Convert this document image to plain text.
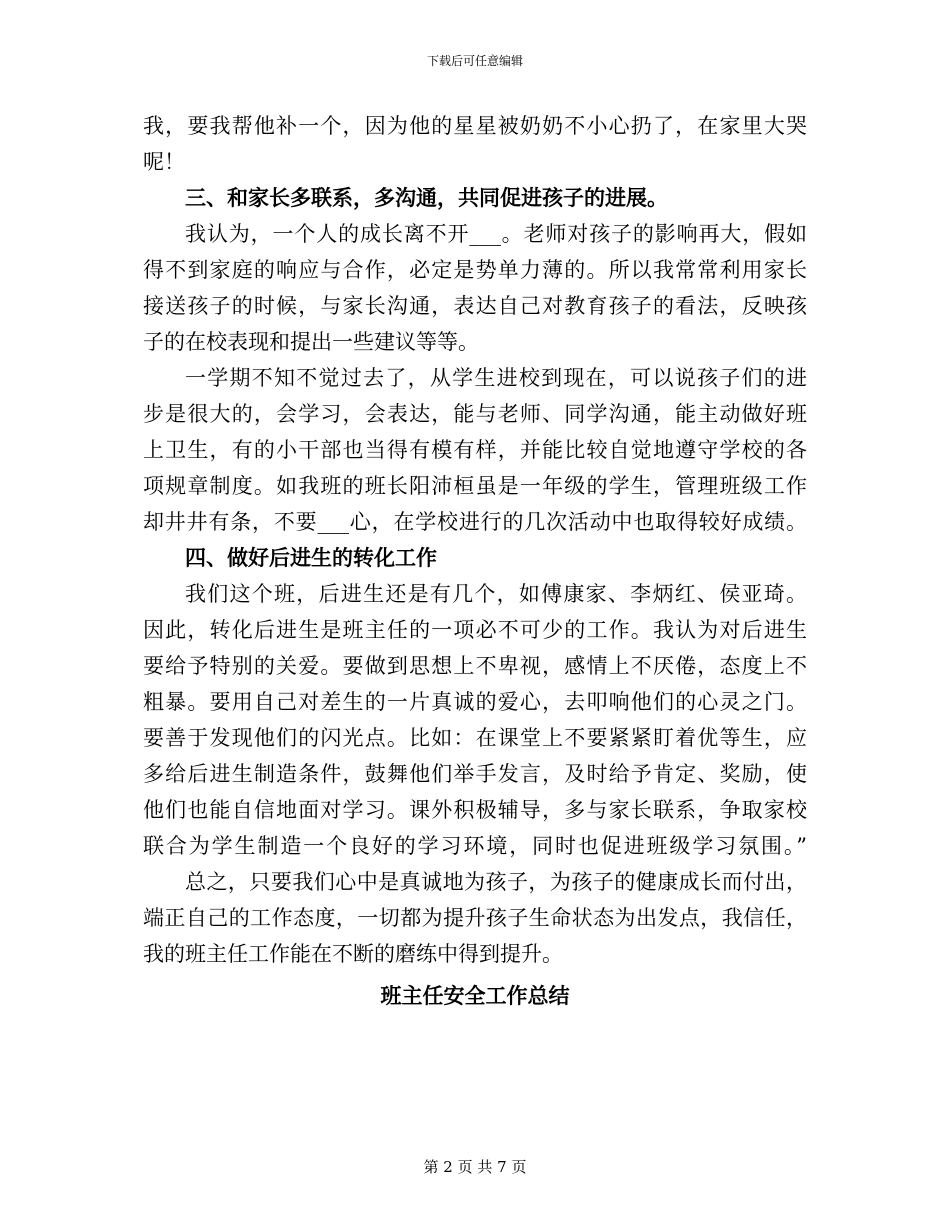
下载后可任意编辑
我，要我帮他补一个，因为他的星星被奶奶不小心扔了，在家里大哭
呢！
三、和家长多联系，多沟通，共同促进孩子的进展。
我认为，一个人的成长离不开___。老师对孩子的影响再大，假如
得不到家庭的响应与合作，必定是势单力薄的。所以我常常利用家长
接送孩子的时候，与家长沟通，表达自己对教育孩子的看法，反映孩
子的在校表现和提出一些建议等等。
一学期不知不觉过去了，从学生进校到现在，可以说孩子们的进
步是很大的，会学习，会表达，能与老师、同学沟通，能主动做好班
上卫生，有的小干部也当得有模有样，并能比较自觉地遵守学校的各
项规章制度。如我班的班长阳沛桓虽是一年级的学生，管理班级工作
却井井有条，不要___心，在学校进行的几次活动中也取得较好成绩。
四、做好后进生的转化工作
我们这个班，后进生还是有几个，如傅康家、李炳红、侯亚琦。
因此，转化后进生是班主任的一项必不可少的工作。我认为对后进生
要给予特别的关爱。要做到思想上不卑视，感情上不厌倦，态度上不
粗暴。要用自己对差生的一片真诚的爱心，去叩响他们的心灵之门。
要善于发现他们的闪光点。比如：在课堂上不要紧紧盯着优等生，应
多给后进生制造条件，鼓舞他们举手发言，及时给予肯定、奖励，使
他们也能自信地面对学习。课外积极辅导，多与家长联系，争取家校
联合为学生制造一个良好的学习环境，同时也促进班级学习氛围。”
总之，只要我们心中是真诚地为孩子，为孩子的健康成长而付出，
端正自己的工作态度，一切都为提升孩子生命状态为出发点，我信任，
我的班主任工作能在不断的磨练中得到提升。
班主任安全工作总结
第 2 页 共 7 页
